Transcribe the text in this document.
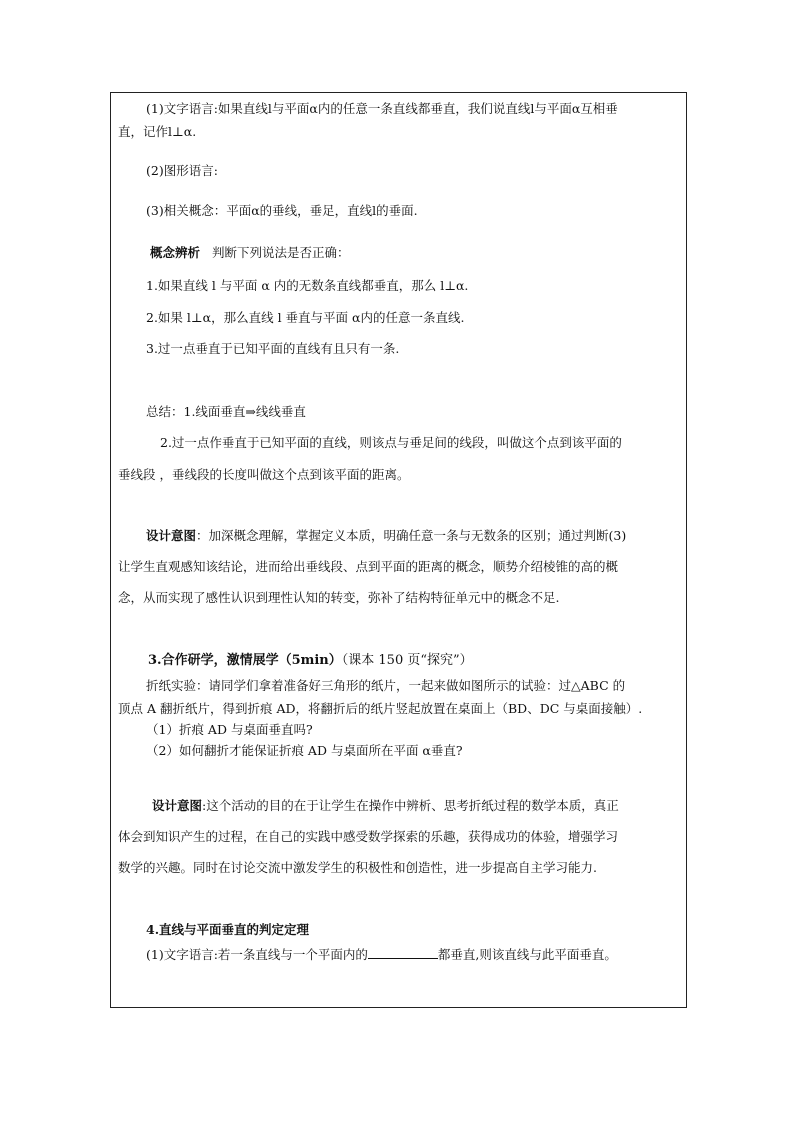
(1)文字语言:如果直线l与平面α内的任意一条直线都垂直，我们说直线l与平面α互相垂
直，记作l⊥α.
(2)图形语言:
(3)相关概念：平面α的垂线，垂足，直线l的垂面.
概念辨析 判断下列说法是否正确：
1.如果直线 l 与平面 α 内的无数条直线都垂直，那么 l⊥α.
2.如果 l⊥α，那么直线 l 垂直与平面 α内的任意一条直线.
3.过一点垂直于已知平面的直线有且只有一条.
总结：1.线面垂直⇒线线垂直
2.过一点作垂直于已知平面的直线，则该点与垂足间的线段，叫做这个点到该平面的
垂线段 ，垂线段的长度叫做这个点到该平面的距离。
设计意图：加深概念理解，掌握定义本质，明确任意一条与无数条的区别；通过判断(3)
让学生直观感知该结论，进而给出垂线段、点到平面的距离的概念，顺势介绍棱锥的高的概
念，从而实现了感性认识到理性认知的转变，弥补了结构特征单元中的概念不足.
3.合作研学，激情展学（5min）（课本 150 页“探究”）
折纸实验：请同学们拿着准备好三角形的纸片，一起来做如图所示的试验：过△ABC 的
顶点 A 翻折纸片，得到折痕 AD，将翻折后的纸片竖起放置在桌面上（BD、DC 与桌面接触）.
（1）折痕 AD 与桌面垂直吗?
（2）如何翻折才能保证折痕 AD 与桌面所在平面 α垂直?
设计意图:这个活动的目的在于让学生在操作中辨析、思考折纸过程的数学本质，真正
体会到知识产生的过程，在自己的实践中感受数学探索的乐趣，获得成功的体验，增强学习
数学的兴趣。同时在讨论交流中激发学生的积极性和创造性，进一步提高自主学习能力.
4.直线与平面垂直的判定定理
(1)文字语言:若一条直线与一个平面内的	都垂直,则该直线与此平面垂直。
